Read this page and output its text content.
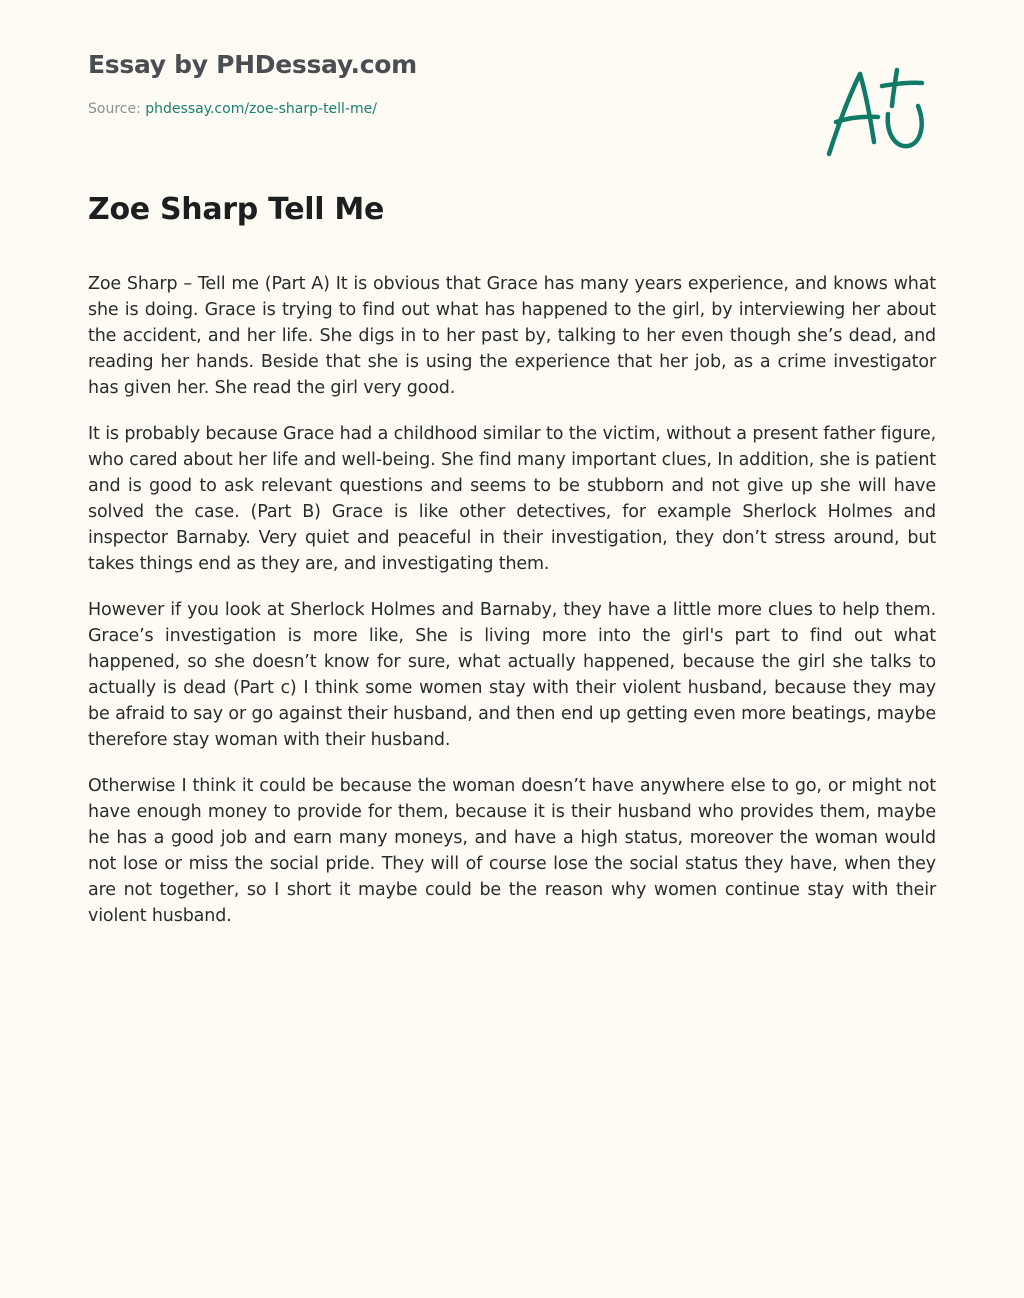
Essay by PHDessay.com
Source: phdessay.com/zoe-sharp-tell-me/
Zoe Sharp Tell Me

Zoe Sharp – Tell me (Part A) It is obvious that Grace has many years experience, and knows what she is doing. Grace is trying to find out what has happened to the girl, by interviewing her about the accident, and her life. She digs in to her past by, talking to her even though she’s dead, and reading her hands. Beside that she is using the experience that her job, as a crime investigator has given her. She read the girl very good.

It is probably because Grace had a childhood similar to the victim, without a present father figure, who cared about her life and well-being. She find many important clues, In addition, she is patient and is good to ask relevant questions and seems to be stubborn and not give up she will have solved the case. (Part B) Grace is like other detectives, for example Sherlock Holmes and inspector Barnaby. Very quiet and peaceful in their investigation, they don’t stress around, but takes things end as they are, and investigating them.

However if you look at Sherlock Holmes and Barnaby, they have a little more clues to help them. Grace’s investigation is more like, She is living more into the girl's part to find out what happened, so she doesn’t know for sure, what actually happened, because the girl she talks to actually is dead (Part c) I think some women stay with their violent husband, because they may be afraid to say or go against their husband, and then end up getting even more beatings, maybe therefore stay woman with their husband.

Otherwise I think it could be because the woman doesn’t have anywhere else to go, or might not have enough money to provide for them, because it is their husband who provides them, maybe he has a good job and earn many moneys, and have a high status, moreover the woman would not lose or miss the social pride. They will of course lose the social status they have, when they are not together, so I short it maybe could be the reason why women continue stay with their violent husband.
